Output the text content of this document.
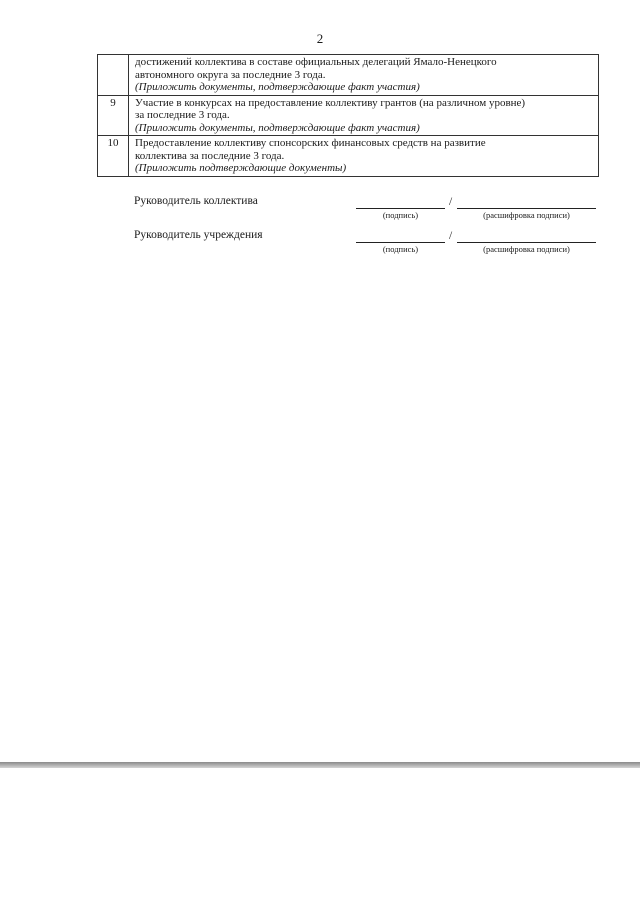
2

	достижений коллектива в составе официальных делегаций Ямало-Ненецкого
автономного округа за последние 3 года.
(Приложить документы, подтверждающие факт участия)

9	Участие в конкурсах на предоставление коллективу грантов (на различном уровне)
за последние 3 года.
(Приложить документы, подтверждающие факт участия)

10	Предоставление коллективу спонсорских финансовых средств на развитие
коллектива за последние 3 года.
(Приложить подтверждающие документы)
Руководитель коллектива	/
(подпись)	(расшифровка подписи)
Руководитель учреждения	/
(подпись)	(расшифровка подписи)
